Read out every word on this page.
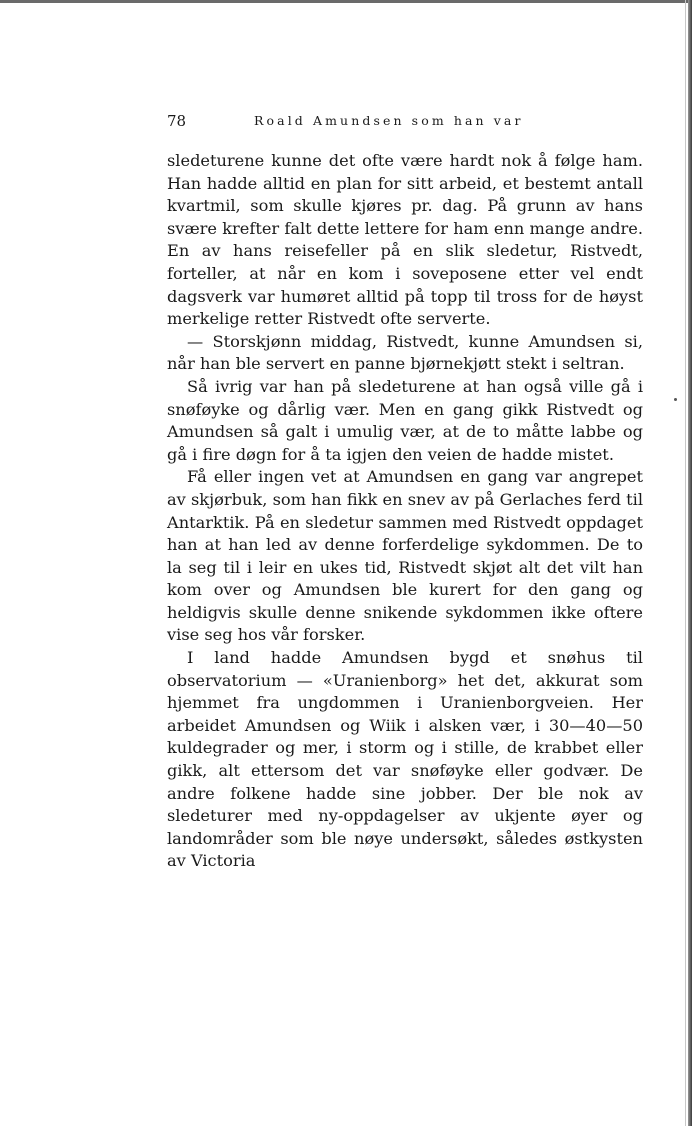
78	Roald Amundsen som han var

sledeturene kunne det ofte være hardt nok å følge ham. Han hadde alltid en plan for sitt arbeid, et bestemt antall kvartmil, som skulle kjøres pr. dag. På grunn av hans svære krefter falt dette lettere for ham enn mange andre. En av hans reisefeller på en slik sledetur, Ristvedt, forteller, at når en kom i soveposene etter vel endt dagsverk var humøret alltid på topp til tross for de høyst merkelige retter Ristvedt ofte serverte.

— Storskjønn middag, Ristvedt, kunne Amundsen si, når han ble servert en panne bjørnekjøtt stekt i seltran.

Så ivrig var han på sledeturene at han også ville gå i snøføyke og dårlig vær. Men en gang gikk Ristvedt og Amundsen så galt i umulig vær, at de to måtte labbe og gå i fire døgn for å ta igjen den veien de hadde mistet.

Få eller ingen vet at Amundsen en gang var angrepet av skjørbuk, som han fikk en snev av på Gerlaches ferd til Antarktik. På en sledetur sammen med Ristvedt oppdaget han at han led av denne forferdelige sykdommen. De to la seg til i leir en ukes tid, Ristvedt skjøt alt det vilt han kom over og Amundsen ble kurert for den gang og heldigvis skulle denne snikende sykdommen ikke oftere vise seg hos vår forsker.

I land hadde Amundsen bygd et snøhus til observatorium — «Uranienborg» het det, akkurat som hjemmet fra ungdommen i Uranienborgveien. Her arbeidet Amundsen og Wiik i alsken vær, i 30—40—50 kuldegrader og mer, i storm og i stille, de krabbet eller gikk, alt ettersom det var snøføyke eller godvær. De andre folkene hadde sine jobber. Der ble nok av sledeturer med ny-oppdagelser av ukjente øyer og landområder som ble nøye undersøkt, således østkysten av Victoria
